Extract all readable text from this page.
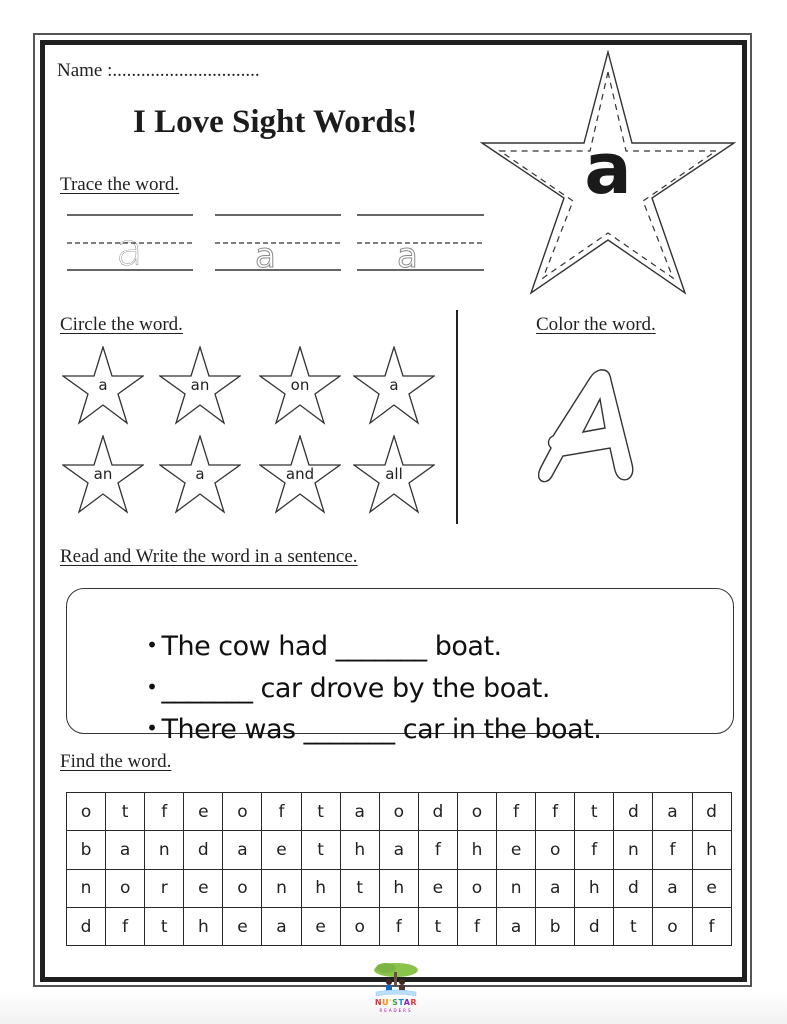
Name :...............................
I Love Sight Words!
a
Trace the word.
a	a	a
Circle the word.
a	an	on	a
an	a	and	all
Color the word.
Read and Write the word in a sentence.

• The cow had _______ boat.

• _______ car drove by the boat.

• There was _______ car in the boat.

Find the word.
o	t	f	e	o	f	t	a	o	d	o	f	f	t	d	a	d
b	a	n	d	a	e	t	h	a	f	h	e	o	f	n	f	h
n	o	r	e	o	n	h	t	h	e	o	n	a	h	d	a	e
d	f	t	h	e	a	e	o	f	t	f	a	b	d	t	o	f
NU'STAR
READERS
